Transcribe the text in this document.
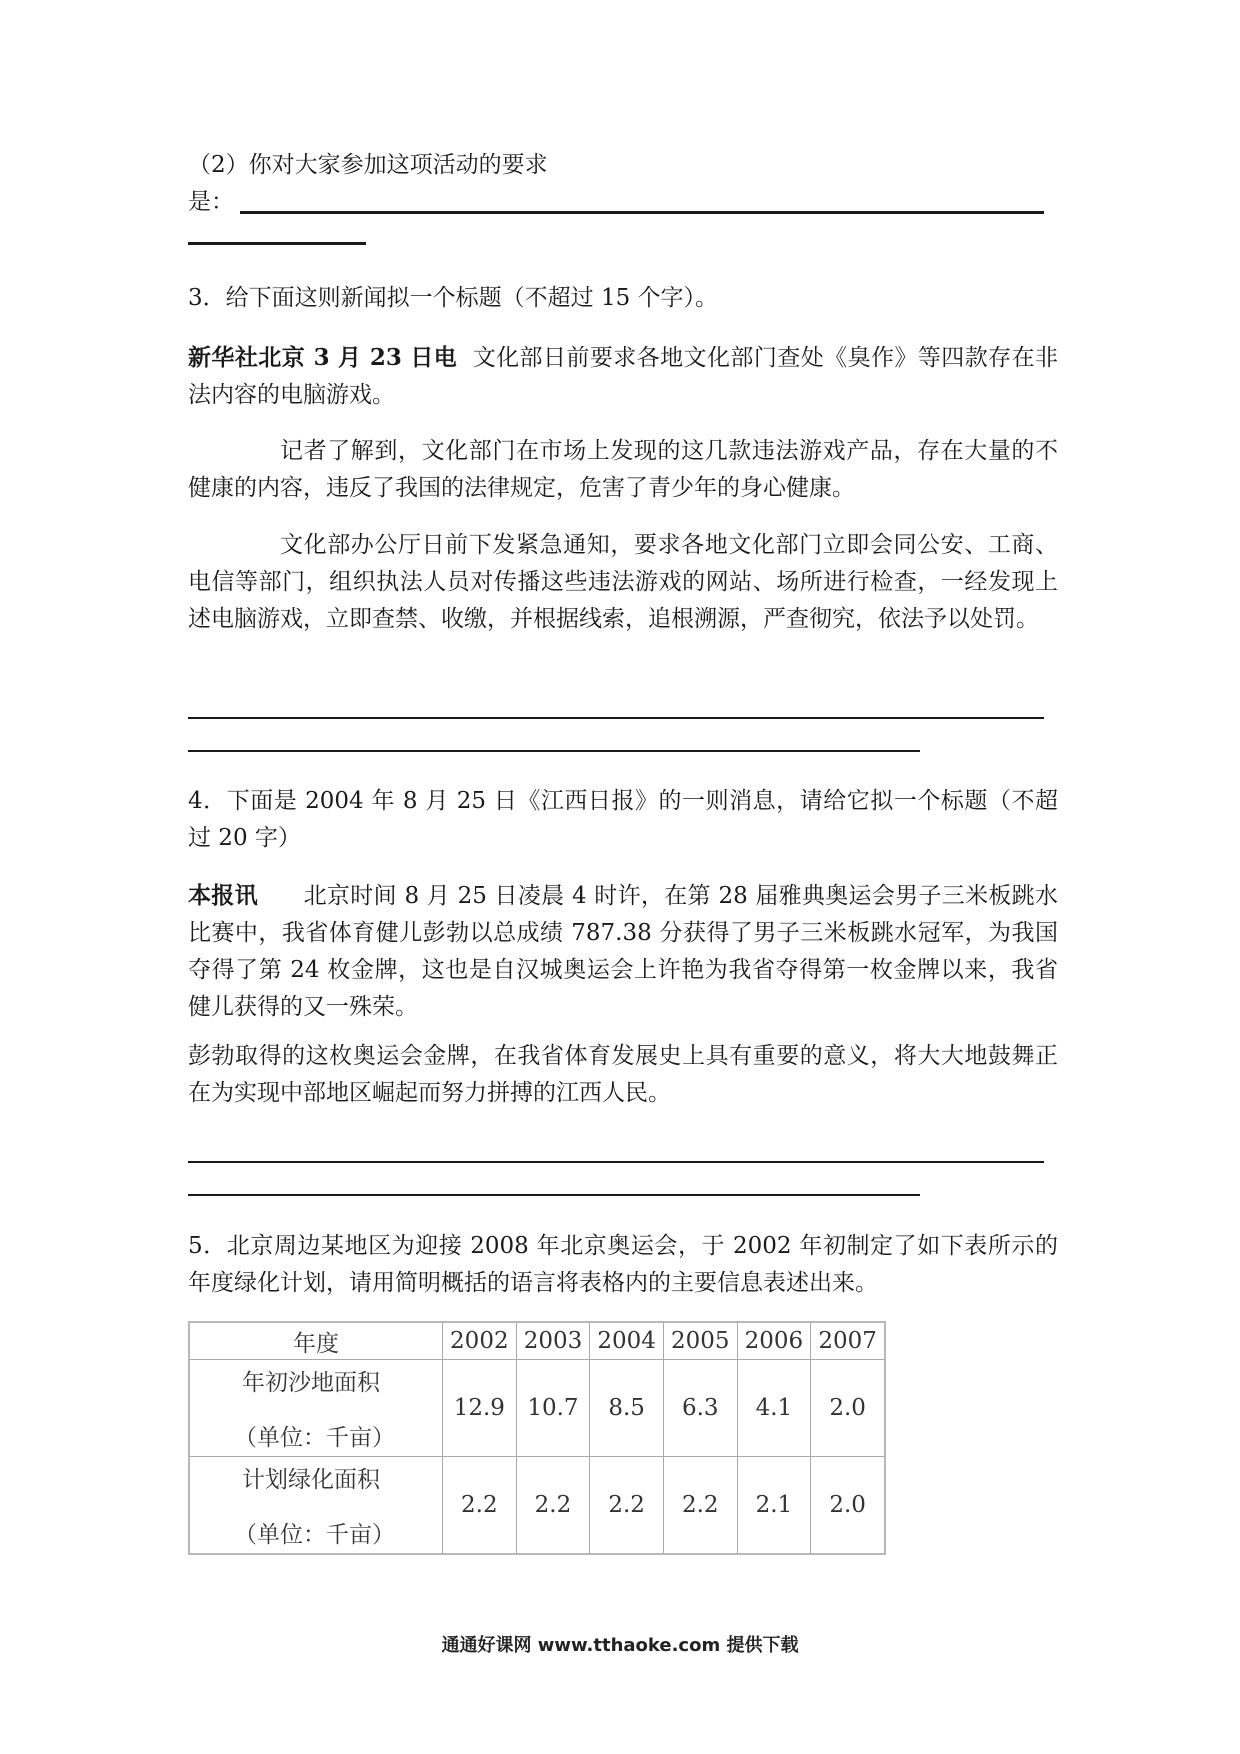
（2）你对大家参加这项活动的要求
是：
3．给下面这则新闻拟一个标题（不超过 15 个字）。
新华社北京 3 月 23 日电 文化部日前要求各地文化部门查处《臭作》等四款存在非法内容的电脑游戏。
记者了解到，文化部门在市场上发现的这几款违法游戏产品，存在大量的不健康的内容，违反了我国的法律规定，危害了青少年的身心健康。
文化部办公厅日前下发紧急通知，要求各地文化部门立即会同公安、工商、电信等部门，组织执法人员对传播这些违法游戏的网站、场所进行检查，一经发现上述电脑游戏，立即查禁、收缴，并根据线索，追根溯源，严查彻究，依法予以处罚。
4．下面是 2004 年 8 月 25 日《江西日报》的一则消息，请给它拟一个标题（不超过 20 字）
本报讯 北京时间 8 月 25 日凌晨 4 时许，在第 28 届雅典奥运会男子三米板跳水比赛中，我省体育健儿彭勃以总成绩 787.38 分获得了男子三米板跳水冠军，为我国夺得了第 24 枚金牌，这也是自汉城奥运会上许艳为我省夺得第一枚金牌以来，我省健儿获得的又一殊荣。
彭勃取得的这枚奥运会金牌，在我省体育发展史上具有重要的意义，将大大地鼓舞正在为实现中部地区崛起而努力拼搏的江西人民。
5．北京周边某地区为迎接 2008 年北京奥运会，于 2002 年初制定了如下表所示的年度绿化计划，请用简明概括的语言将表格内的主要信息表述出来。
年度	2002	2003	2004	2005	2006	2007

年初沙地面积
（单位：千亩）	12.9	10.7	8.5	6.3	4.1	2.0

计划绿化面积
（单位：千亩）	2.2	2.2	2.2	2.2	2.1	2.0
通通好课网 www.tthaoke.com 提供下载
